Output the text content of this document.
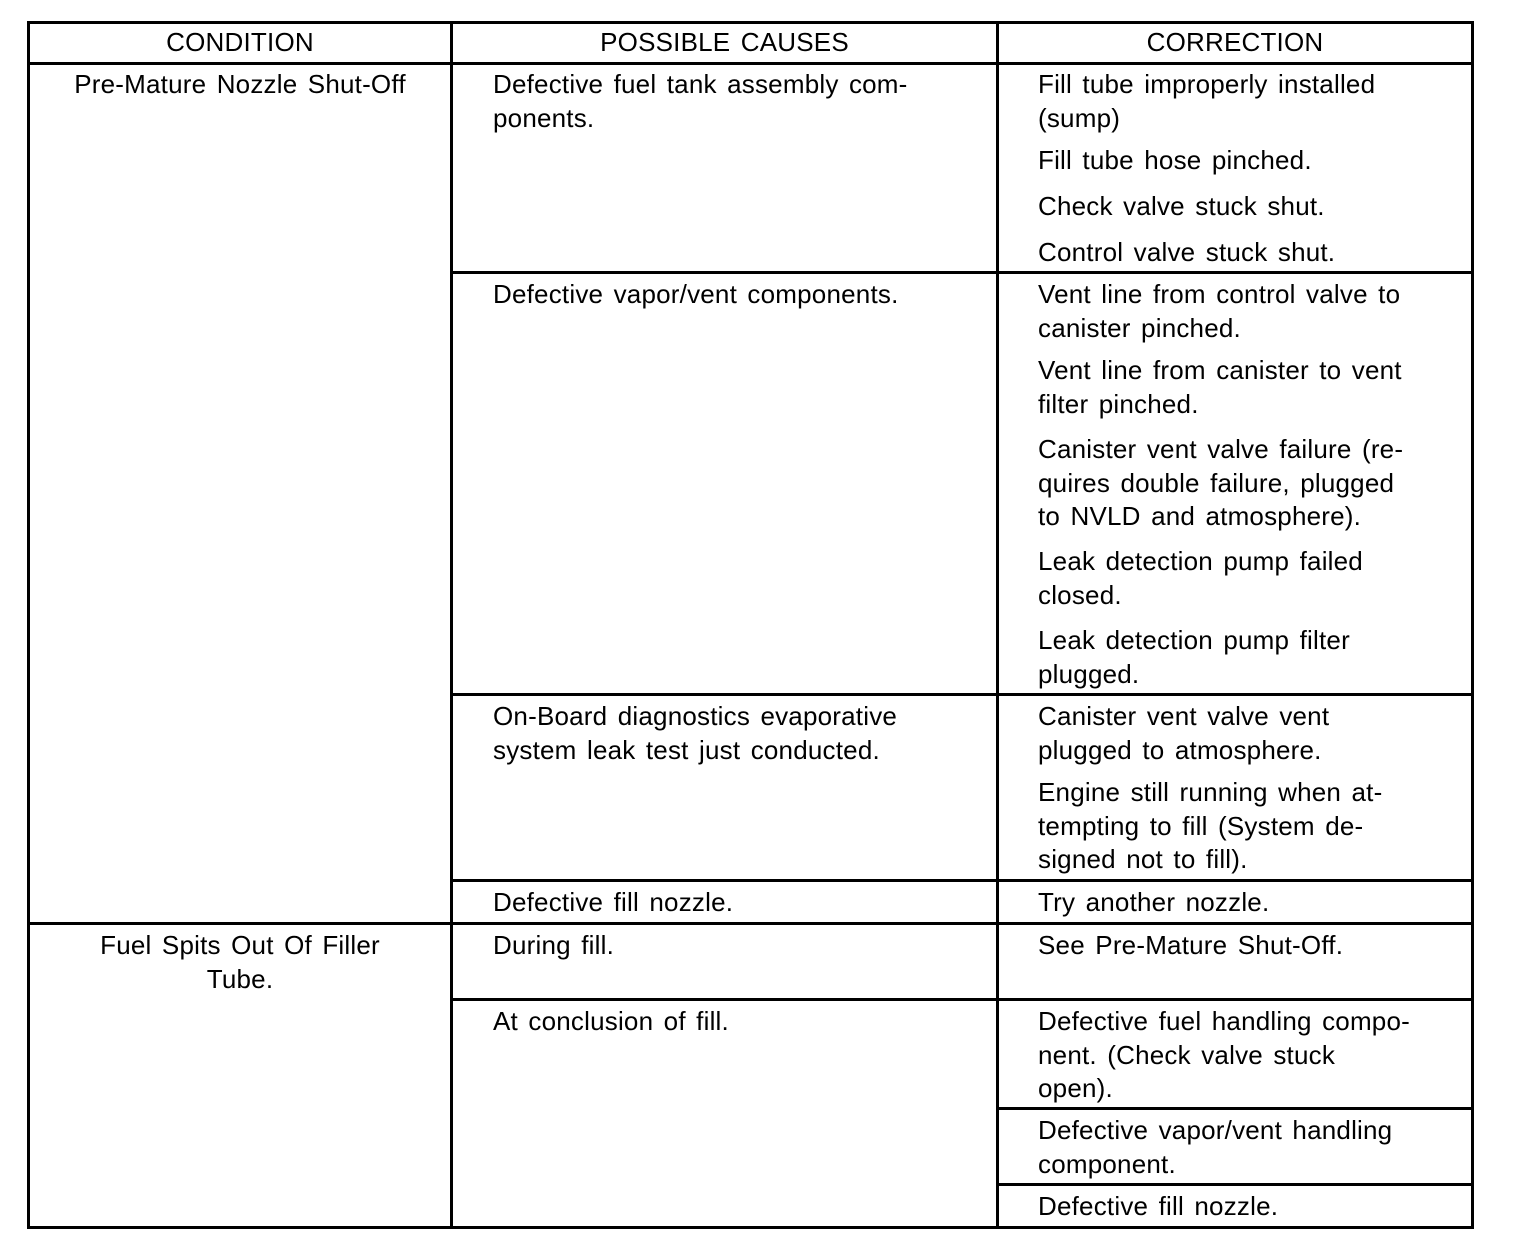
CONDITION	POSSIBLE CAUSES	CORRECTION
Pre-Mature Nozzle Shut-Off
Fuel Spits Out Of Filler
Tube.
Defective fuel tank assembly com-
ponents.
Defective vapor/vent components.
On-Board diagnostics evaporative
system leak test just conducted.
Defective fill nozzle.
During fill.
At conclusion of fill.
Fill tube improperly installed
(sump)
Fill tube hose pinched.
Check valve stuck shut.
Control valve stuck shut.
Vent line from control valve to
canister pinched.
Vent line from canister to vent
filter pinched.
Canister vent valve failure (re-
quires double failure, plugged
to NVLD and atmosphere).
Leak detection pump failed
closed.
Leak detection pump filter
plugged.
Canister vent valve vent
plugged to atmosphere.
Engine still running when at-
tempting to fill (System de-
signed not to fill).
Try another nozzle.
See Pre-Mature Shut-Off.
Defective fuel handling compo-
nent. (Check valve stuck
open).
Defective vapor/vent handling
component.
Defective fill nozzle.
